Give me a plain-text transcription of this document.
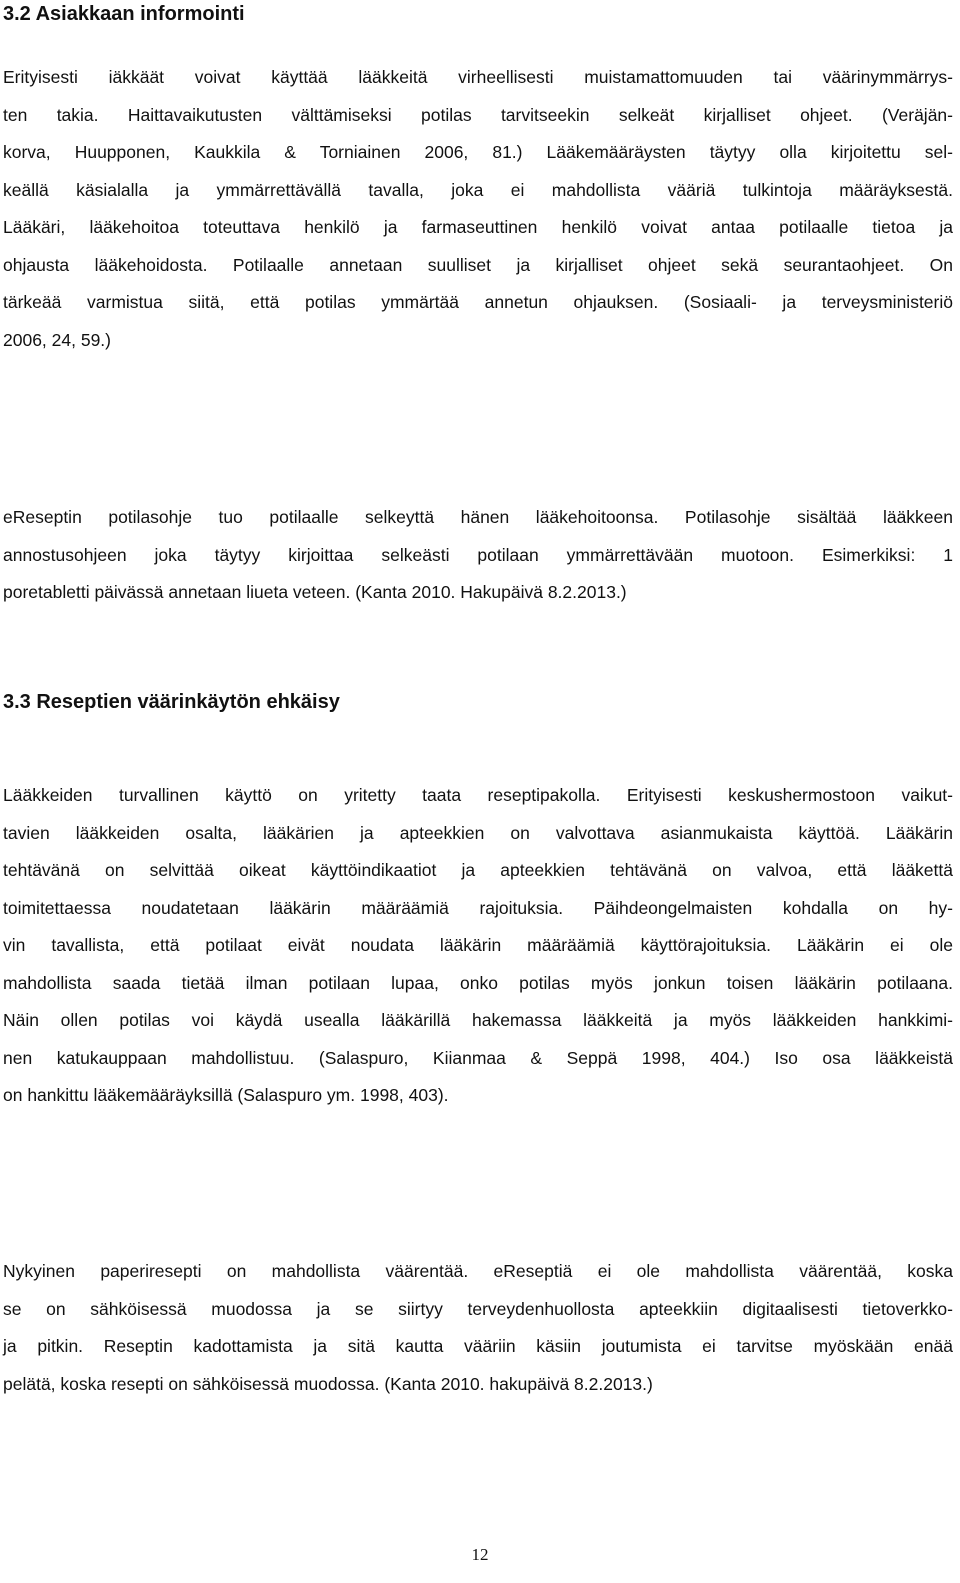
3.2 Asiakkaan informointi

Erityisesti iäkkäät voivat käyttää lääkkeitä virheellisesti muistamattomuuden tai väärinymmärrys-
ten takia. Haittavaikutusten välttämiseksi potilas tarvitseekin selkeät kirjalliset ohjeet. (Veräjän-
korva, Huupponen, Kaukkila & Torniainen 2006, 81.) Lääkemääräysten täytyy olla kirjoitettu sel-
keällä käsialalla ja ymmärrettävällä tavalla, joka ei mahdollista vääriä tulkintoja määräyksestä.
Lääkäri, lääkehoitoa toteuttava henkilö ja farmaseuttinen henkilö voivat antaa potilaalle tietoa ja
ohjausta lääkehoidosta. Potilaalle annetaan suulliset ja kirjalliset ohjeet sekä seurantaohjeet. On
tärkeää varmistua siitä, että potilas ymmärtää annetun ohjauksen. (Sosiaali- ja terveysministeriö
2006, 24, 59.)

eReseptin potilasohje tuo potilaalle selkeyttä hänen lääkehoitoonsa. Potilasohje sisältää lääkkeen
annostusohjeen joka täytyy kirjoittaa selkeästi potilaan ymmärrettävään muotoon. Esimerkiksi: 1
poretabletti päivässä annetaan liueta veteen. (Kanta 2010. Hakupäivä 8.2.2013.)

3.3 Reseptien väärinkäytön ehkäisy

Lääkkeiden turvallinen käyttö on yritetty taata reseptipakolla. Erityisesti keskushermostoon vaikut-
tavien lääkkeiden osalta, lääkärien ja apteekkien on valvottava asianmukaista käyttöä. Lääkärin
tehtävänä on selvittää oikeat käyttöindikaatiot ja apteekkien tehtävänä on valvoa, että lääkettä
toimitettaessa noudatetaan lääkärin määräämiä rajoituksia. Päihdeongelmaisten kohdalla on hy-
vin tavallista, että potilaat eivät noudata lääkärin määräämiä käyttörajoituksia. Lääkärin ei ole
mahdollista saada tietää ilman potilaan lupaa, onko potilas myös jonkun toisen lääkärin potilaana.
Näin ollen potilas voi käydä usealla lääkärillä hakemassa lääkkeitä ja myös lääkkeiden hankkimi-
nen katukauppaan mahdollistuu. (Salaspuro, Kiianmaa & Seppä 1998, 404.) Iso osa lääkkeistä
on hankittu lääkemääräyksillä (Salaspuro ym. 1998, 403).

Nykyinen paperiresepti on mahdollista väärentää. eReseptiä ei ole mahdollista väärentää, koska
se on sähköisessä muodossa ja se siirtyy terveydenhuollosta apteekkiin digitaalisesti tietoverkko-
ja pitkin. Reseptin kadottamista ja sitä kautta vääriin käsiin joutumista ei tarvitse myöskään enää
pelätä, koska resepti on sähköisessä muodossa. (Kanta 2010. hakupäivä 8.2.2013.)

12
